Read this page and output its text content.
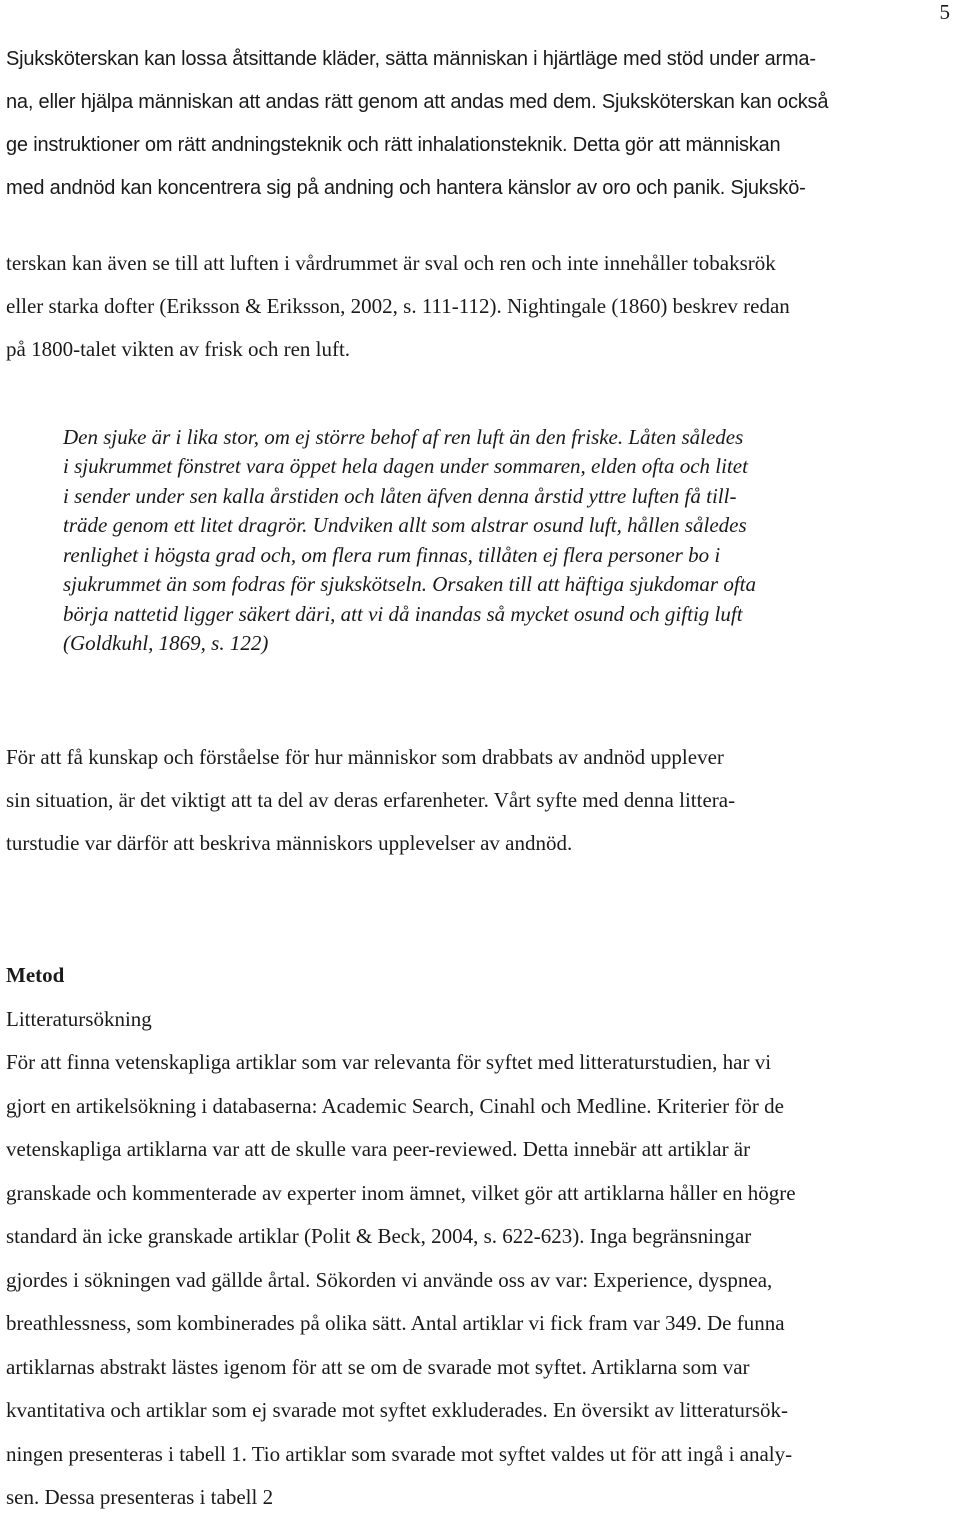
5
Sjuksköterskan kan lossa åtsittande kläder, sätta människan i hjärtläge med stöd under arma-
na, eller hjälpa människan att andas rätt genom att andas med dem. Sjuksköterskan kan också
ge instruktioner om rätt andningsteknik och rätt inhalationsteknik. Detta gör att människan
med andnöd kan koncentrera sig på andning och hantera känslor av oro och panik. Sjukskö-
terskan kan även se till att luften i vårdrummet är sval och ren och inte innehåller tobaksrök
eller starka dofter (Eriksson & Eriksson, 2002, s. 111-112). Nightingale (1860) beskrev redan
på 1800-talet vikten av frisk och ren luft.
Den sjuke är i lika stor, om ej större behof af ren luft än den friske. Låten således
i sjukrummet fönstret vara öppet hela dagen under sommaren, elden ofta och litet
i sender under sen kalla årstiden och låten äfven denna årstid yttre luften få till-
träde genom ett litet dragrör. Undviken allt som alstrar osund luft, hållen således
renlighet i högsta grad och, om flera rum finnas, tillåten ej flera personer bo i
sjukrummet än som fodras för sjukskötseln. Orsaken till att häftiga sjukdomar ofta
börja nattetid ligger säkert däri, att vi då inandas så mycket osund och giftig luft
(Goldkuhl, 1869, s. 122)
För att få kunskap och förståelse för hur människor som drabbats av andnöd upplever
sin situation, är det viktigt att ta del av deras erfarenheter. Vårt syfte med denna littera-
turstudie var därför att beskriva människors upplevelser av andnöd.
Metod
Litteratursökning
För att finna vetenskapliga artiklar som var relevanta för syftet med litteraturstudien, har vi
gjort en artikelsökning i databaserna: Academic Search, Cinahl och Medline. Kriterier för de
vetenskapliga artiklarna var att de skulle vara peer-reviewed. Detta innebär att artiklar är
granskade och kommenterade av experter inom ämnet, vilket gör att artiklarna håller en högre
standard än icke granskade artiklar (Polit & Beck, 2004, s. 622-623). Inga begränsningar
gjordes i sökningen vad gällde årtal. Sökorden vi använde oss av var: Experience, dyspnea,
breathlessness, som kombinerades på olika sätt. Antal artiklar vi fick fram var 349. De funna
artiklarnas abstrakt lästes igenom för att se om de svarade mot syftet. Artiklarna som var
kvantitativa och artiklar som ej svarade mot syftet exkluderades. En översikt av litteratursök-
ningen presenteras i tabell 1. Tio artiklar som svarade mot syftet valdes ut för att ingå i analy-
sen. Dessa presenteras i tabell 2
